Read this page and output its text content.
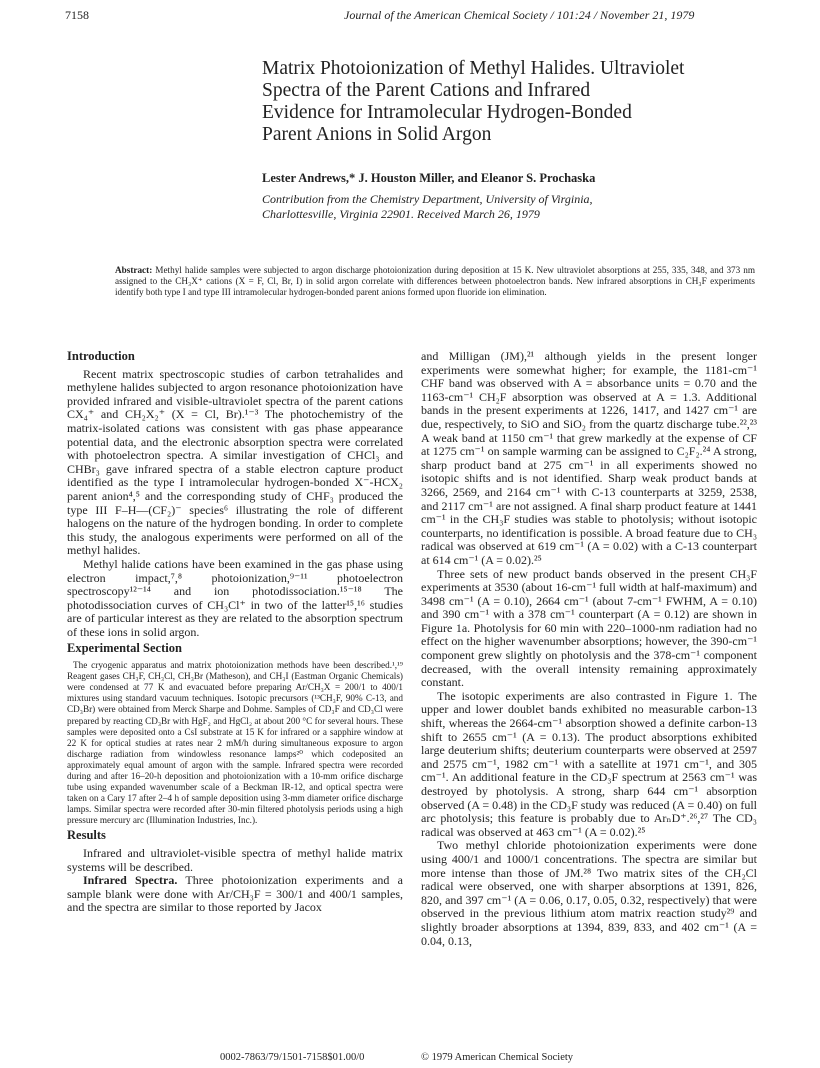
7158	Journal of the American Chemical Society / 101:24 / November 21, 1979
Matrix Photoionization of Methyl Halides. Ultraviolet
Spectra of the Parent Cations and Infrared
Evidence for Intramolecular Hydrogen-Bonded
Parent Anions in Solid Argon
Lester Andrews,* J. Houston Miller, and Eleanor S. Prochaska
Contribution from the Chemistry Department, University of Virginia,
Charlottesville, Virginia 22901. Received March 26, 1979
Abstract: Methyl halide samples were subjected to argon discharge photoionization during deposition at 15 K. New ultraviolet absorptions at 255, 335, 348, and 373 nm assigned to the CH₃X⁺ cations (X = F, Cl, Br, I) in solid argon correlate with differences between photoelectron bands. New infrared absorptions in CH₃F experiments identify both type I and type III intramolecular hydrogen-bonded parent anions formed upon fluoride ion elimination.
Introduction

Recent matrix spectroscopic studies of carbon tetrahalides and methylene halides subjected to argon resonance photoionization have provided infrared and visible-ultraviolet spectra of the parent cations CX₄⁺ and CH₂X₂⁺ (X = Cl, Br).¹⁻³ The photochemistry of the matrix-isolated cations was consistent with gas phase appearance potential data, and the electronic absorption spectra were correlated with photoelectron spectra. A similar investigation of CHCl₃ and CHBr₃ gave infrared spectra of a stable electron capture product identified as the type I intramolecular hydrogen-bonded X⁻-HCX₂ parent anion⁴,⁵ and the corresponding study of CHF₃ produced the type III F–H—(CF₂)⁻ species⁶ illustrating the role of different halogens on the nature of the hydrogen bonding. In order to complete this study, the analogous experiments were performed on all of the methyl halides.

Methyl halide cations have been examined in the gas phase using electron impact,⁷,⁸ photoionization,⁹⁻¹¹ photoelectron spectroscopy¹²⁻¹⁴ and ion photodissociation.¹⁵⁻¹⁸ The photodissociation curves of CH₃Cl⁺ in two of the latter¹⁵,¹⁶ studies are of particular interest as they are related to the absorption spectrum of these ions in solid argon.

Experimental Section

The cryogenic apparatus and matrix photoionization methods have been described.¹,¹⁹ Reagent gases CH₃F, CH₃Cl, CH₃Br (Matheson), and CH₃I (Eastman Organic Chemicals) were condensed at 77 K and evacuated before preparing Ar/CH₃X = 200/1 to 400/1 mixtures using standard vacuum techniques. Isotopic precursors (¹³CH₃F, 90% C-13, and CD₃Br) were obtained from Merck Sharpe and Dohme. Samples of CD₃F and CD₃Cl were prepared by reacting CD₃Br with HgF₂ and HgCl₂ at about 200 °C for several hours. These samples were deposited onto a CsI substrate at 15 K for infrared or a sapphire window at 22 K for optical studies at rates near 2 mM/h during simultaneous exposure to argon discharge radiation from windowless resonance lamps²⁰ which codeposited an approximately equal amount of argon with the sample. Infrared spectra were recorded during and after 16–20-h deposition and photoionization with a 10-mm orifice discharge tube using expanded wavenumber scale of a Beckman IR-12, and optical spectra were taken on a Cary 17 after 2–4 h of sample deposition using 3-mm diameter orifice discharge lamps. Similar spectra were recorded after 30-min filtered photolysis periods using a high pressure mercury arc (Illumination Industries, Inc.).

Results

Infrared and ultraviolet-visible spectra of methyl halide matrix systems will be described.

Infrared Spectra. Three photoionization experiments and a sample blank were done with Ar/CH₃F = 300/1 and 400/1 samples, and the spectra are similar to those reported by Jacox

and Milligan (JM),²¹ although yields in the present longer experiments were somewhat higher; for example, the 1181-cm⁻¹ CHF band was observed with A = absorbance units = 0.70 and the 1163-cm⁻¹ CH₂F absorption was observed at A = 1.3. Additional bands in the present experiments at 1226, 1417, and 1427 cm⁻¹ are due, respectively, to SiO and SiO₂ from the quartz discharge tube.²²,²³ A weak band at 1150 cm⁻¹ that grew markedly at the expense of CF at 1275 cm⁻¹ on sample warming can be assigned to C₂F₂.²⁴ A strong, sharp product band at 275 cm⁻¹ in all experiments showed no isotopic shifts and is not identified. Sharp weak product bands at 3266, 2569, and 2164 cm⁻¹ with C-13 counterparts at 3259, 2538, and 2117 cm⁻¹ are not assigned. A final sharp product feature at 1441 cm⁻¹ in the CH₃F studies was stable to photolysis; without isotopic counterparts, no identification is possible. A broad feature due to CH₃ radical was observed at 619 cm⁻¹ (A = 0.02) with a C-13 counterpart at 614 cm⁻¹ (A = 0.02).²⁵

Three sets of new product bands observed in the present CH₃F experiments at 3530 (about 16-cm⁻¹ full width at half-maximum) and 3498 cm⁻¹ (A = 0.10), 2664 cm⁻¹ (about 7-cm⁻¹ FWHM, A = 0.10) and 390 cm⁻¹ with a 378 cm⁻¹ counterpart (A = 0.12) are shown in Figure 1a. Photolysis for 60 min with 220–1000-nm radiation had no effect on the higher wavenumber absorptions; however, the 390-cm⁻¹ component grew slightly on photolysis and the 378-cm⁻¹ component decreased, with the overall intensity remaining approximately constant.

The isotopic experiments are also contrasted in Figure 1. The upper and lower doublet bands exhibited no measurable carbon-13 shift, whereas the 2664-cm⁻¹ absorption showed a definite carbon-13 shift to 2655 cm⁻¹ (A = 0.13). The product absorptions exhibited large deuterium shifts; deuterium counterparts were observed at 2597 and 2575 cm⁻¹, 1982 cm⁻¹ with a satellite at 1971 cm⁻¹, and 305 cm⁻¹. An additional feature in the CD₃F spectrum at 2563 cm⁻¹ was destroyed by photolysis. A strong, sharp 644 cm⁻¹ absorption observed (A = 0.48) in the CD₃F study was reduced (A = 0.40) on full arc photolysis; this feature is probably due to ArₙD⁺.²⁶,²⁷ The CD₃ radical was observed at 463 cm⁻¹ (A = 0.02).²⁵

Two methyl chloride photoionization experiments were done using 400/1 and 1000/1 concentrations. The spectra are similar but more intense than those of JM.²⁸ Two matrix sites of the CH₂Cl radical were observed, one with sharper absorptions at 1391, 826, 820, and 397 cm⁻¹ (A = 0.06, 0.17, 0.05, 0.32, respectively) that were observed in the previous lithium atom matrix reaction study²⁹ and slightly broader absorptions at 1394, 839, 833, and 402 cm⁻¹ (A = 0.04, 0.13,

0002-7863/79/1501-7158$01.00/0	© 1979 American Chemical Society
